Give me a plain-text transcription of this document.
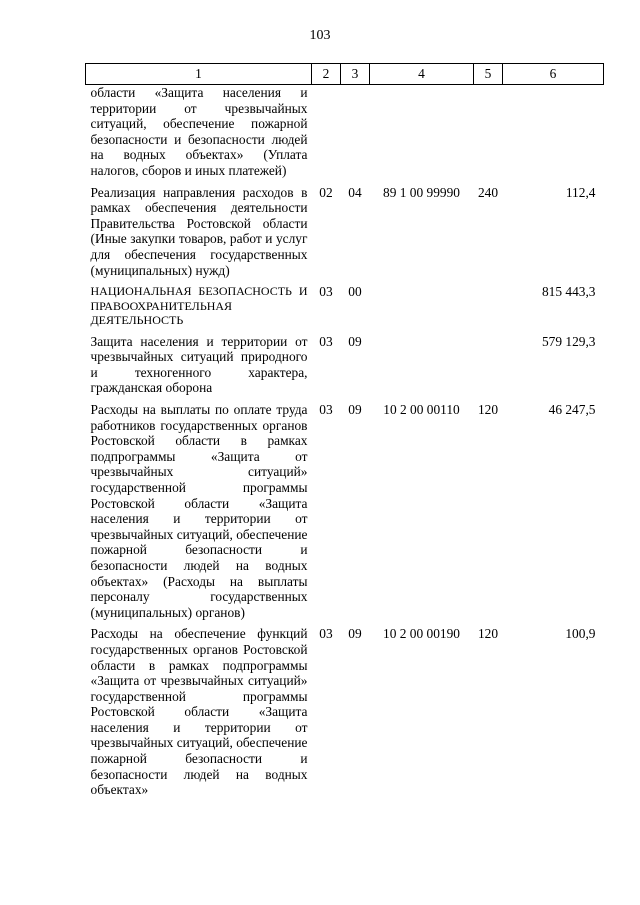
103
1	2	3	4	5	6
области «Защита населения и территории от чрезвычайных ситуаций, обеспечение пожарной безопасности и безопасности людей на водных объектах» (Уплата налогов, сборов и иных платежей)					
Реализация направления расходов в рамках обеспечения деятельности Правительства Ростовской области (Иные закупки товаров, работ и услуг для обеспечения государственных (муниципальных) нужд)	02	04	89 1 00 99990	240	112,4
НАЦИОНАЛЬНАЯ БЕЗОПАСНОСТЬ И ПРАВООХРАНИТЕЛЬНАЯ ДЕЯТЕЛЬНОСТЬ	03	00			815 443,3
Защита населения и территории от чрезвычайных ситуаций природного и техногенного характера, гражданская оборона	03	09			579 129,3
Расходы на выплаты по оплате труда работников государственных органов Ростовской области в рамках подпрограммы «Защита от чрезвычайных ситуаций» государственной программы Ростовской области «Защита населения и территории от чрезвычайных ситуаций, обеспечение пожарной безопасности и безопасности людей на водных объектах» (Расходы на выплаты персоналу государственных (муниципальных) органов)	03	09	10 2 00 00110	120	46 247,5
Расходы на обеспечение функций государственных органов Ростовской области в рамках подпрограммы «Защита от чрезвычайных ситуаций» государственной программы Ростовской области «Защита населения и территории от чрезвычайных ситуаций, обеспечение пожарной безопасности и безопасности людей на водных объектах»	03	09	10 2 00 00190	120	100,9
